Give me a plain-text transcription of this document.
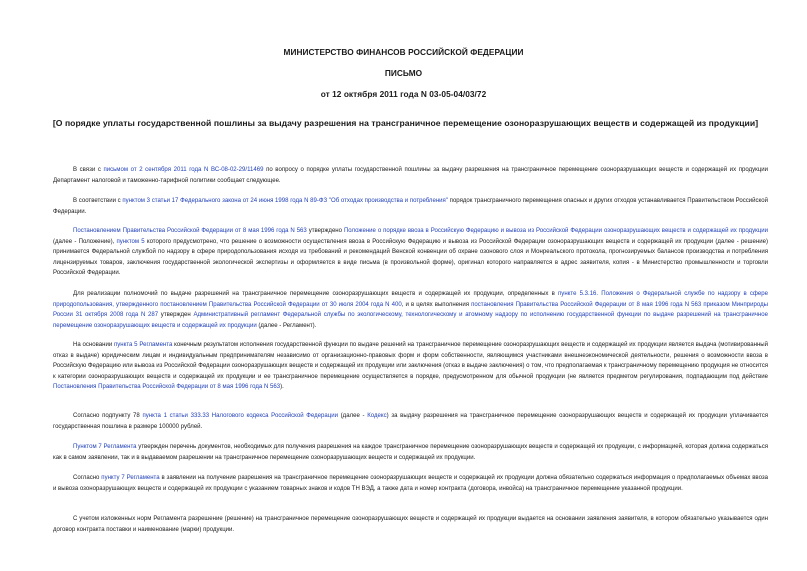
МИНИСТЕРСТВО ФИНАНСОВ РОССИЙСКОЙ ФЕДЕРАЦИИ
ПИСЬМО
от 12 октября 2011 года N 03-05-04/03/72
[О порядке уплаты государственной пошлины за выдачу разрешения на трансграничное перемещение озоноразрушающих веществ и содержащей из продукции]

В связи с письмом от 2 сентября 2011 года N ВС-08-02-29/11469 по вопросу о порядке уплаты государственной пошлины за выдачу разрешения на трансграничное перемещение озоноразрушающих веществ и содержащей их продукции Департамент налоговой и таможенно-тарифной политики сообщает следующее.

В соответствии с пунктом 3 статьи 17 Федерального закона от 24 июня 1998 года N 89-ФЗ "Об отходах производства и потребления" порядок трансграничного перемещения опасных и других отходов устанавливается Правительством Российской Федерации.

Постановлением Правительства Российской Федерации от 8 мая 1996 года N 563 утверждено Положение о порядке ввоза в Российскую Федерацию и вывоза из Российской Федерации озоноразрушающих веществ и содержащей их продукции (далее - Положение), пунктом 5 которого предусмотрено, что решение о возможности осуществления ввоза в Российскую Федерацию и вывоза из Российской Федерации озоноразрушающих веществ и содержащей их продукции (далее - решение) принимается Федеральной службой по надзору в сфере природопользования исходя из требований и рекомендаций Венской конвенции об охране озонового слоя и Монреальского протокола, прогнозируемых балансов производства и потребления лицензируемых товаров, заключения государственной экологической экспертизы и оформляется в виде письма (в произвольной форме), оригинал которого направляется в адрес заявителя, копия - в Министерство промышленности и торговли Российской Федерации.

Для реализации полномочий по выдаче разрешений на трансграничное перемещение озоноразрушающих веществ и содержащей их продукции, определенных в пункте 5.3.16. Положения о Федеральной службе по надзору в сфере природопользования, утвержденного постановлением Правительства Российской Федерации от 30 июля 2004 года N 400, и в целях выполнения постановления Правительства Российской Федерации от 8 мая 1996 года N 563 приказом Минприроды России 31 октября 2008 года N 287 утвержден Административный регламент Федеральной службы по экологическому, технологическому и атомному надзору по исполнению государственной функции по выдаче разрешений на трансграничное перемещение озоноразрушающих веществ и содержащей их продукции (далее - Регламент).

На основании пункта 5 Регламента конечным результатом исполнения государственной функции по выдаче решений на трансграничное перемещение озоноразрушающих веществ и содержащей их продукции является выдача (мотивированный отказ в выдаче) юридическим лицам и индивидуальным предпринимателям независимо от организационно-правовых форм и форм собственности, являющимся участниками внешнеэкономической деятельности, решения о возможности ввоза в Российскую Федерацию или вывоза из Российской Федерации озоноразрушающих веществ и содержащей их продукции или заключения (отказ в выдаче заключения) о том, что предполагаемая к трансграничному перемещению продукция не относится к категории озоноразрушающих веществ и содержащей их продукции и ее трансграничное перемещение осуществляется в порядке, предусмотренном для обычной продукции (не является предметом регулирования, подпадающим под действие Постановления Правительства Российской Федерации от 8 мая 1996 года N 563).

Согласно подпункту 78 пункта 1 статьи 333.33 Налогового кодекса Российской Федерации (далее - Кодекс) за выдачу разрешения на трансграничное перемещение озоноразрушающих веществ и содержащей их продукции уплачивается государственная пошлина в размере 100000 рублей.

Пунктом 7 Регламента утвержден перечень документов, необходимых для получения разрешения на каждое трансграничное перемещение озоноразрушающих веществ и содержащей их продукции, с информацией, которая должна содержаться как в самом заявлении, так и в выдаваемом разрешении на трансграничное перемещение озоноразрушающих веществ и содержащей их продукции.

Согласно пункту 7 Регламента в заявлении на получение разрешения на трансграничное перемещение озоноразрушающих веществ и содержащей их продукции должна обязательно содержаться информация о предполагаемых объемах ввоза и вывоза озоноразрушающих веществ и содержащей их продукции с указанием товарных знаков и кодов ТН ВЭД, а также дата и номер контракта (договора, инвойса) на трансграничное перемещение указанной продукции.

С учетом изложенных норм Регламента разрешение (решение) на трансграничное перемещение озоноразрушающих веществ и содержащей их продукции выдается на основании заявления заявителя, в котором обязательно указывается один договор контракта поставки и наименование (марки) продукции.
